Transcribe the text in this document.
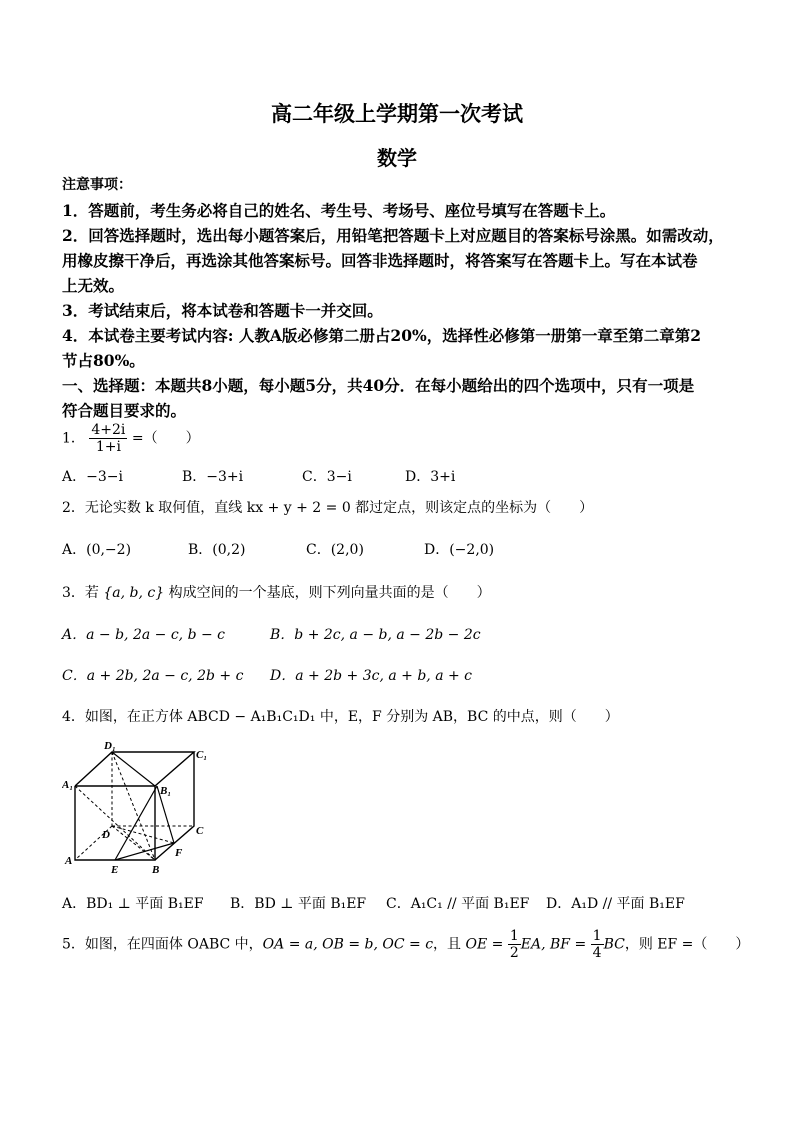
高二年级上学期第一次考试
数学
注意事项：
1．答题前，考生务必将自己的姓名、考生号、考场号、座位号填写在答题卡上。
2．回答选择题时，选出每小题答案后，用铅笔把答题卡上对应题目的答案标号涂黑。如需改动，
用橡皮擦干净后，再选涂其他答案标号。回答非选择题时，将答案写在答题卡上。写在本试卷
上无效。
3．考试结束后，将本试卷和答题卡一并交回。
4．本试卷主要考试内容: 人教A版必修第二册占20%，选择性必修第一册第一章至第二章第2
节占80%。
一、选择题：本题共8小题，每小题5分，共40分．在每小题给出的四个选项中，只有一项是
符合题目要求的。
1． $\frac{4+2i}{1+i}$ =（　　）
A．−3−i	B．−3+i	C．3−i	D．3+i
2．无论实数 k 取何值，直线 kx + y + 2 = 0 都过定点，则该定点的坐标为（　　）
A．(0,−2)	B．(0,2)	C．(2,0)	D．(−2,0)
3．若 {a, b, c} 构成空间的一个基底，则下列向量共面的是（　　）
A．a − b, 2a − c, b − c	B．b + 2c, a − b, a − 2b − 2c
C．a + 2b, 2a − c, 2b + c D．a + 2b + 3c, a + b, a + c
4．如图，在正方体 ABCD − A₁B₁C₁D₁ 中，E，F 分别为 AB，BC 的中点，则（　　）
D₁
C₁
A₁	B₁
C
D
A
E	B
F
A．BD₁ ⊥ 平面 B₁EF B．BD ⊥ 平面 B₁EF C．A₁C₁ // 平面 B₁EF D．A₁D // 平面 B₁EF
5．如图，在四面体 OABC 中，OA = a, OB = b, OC = c，且 OE = $\frac{1}{2}$ EA, BF = $\frac{1}{4}$ BC，则 EF =（　　）
